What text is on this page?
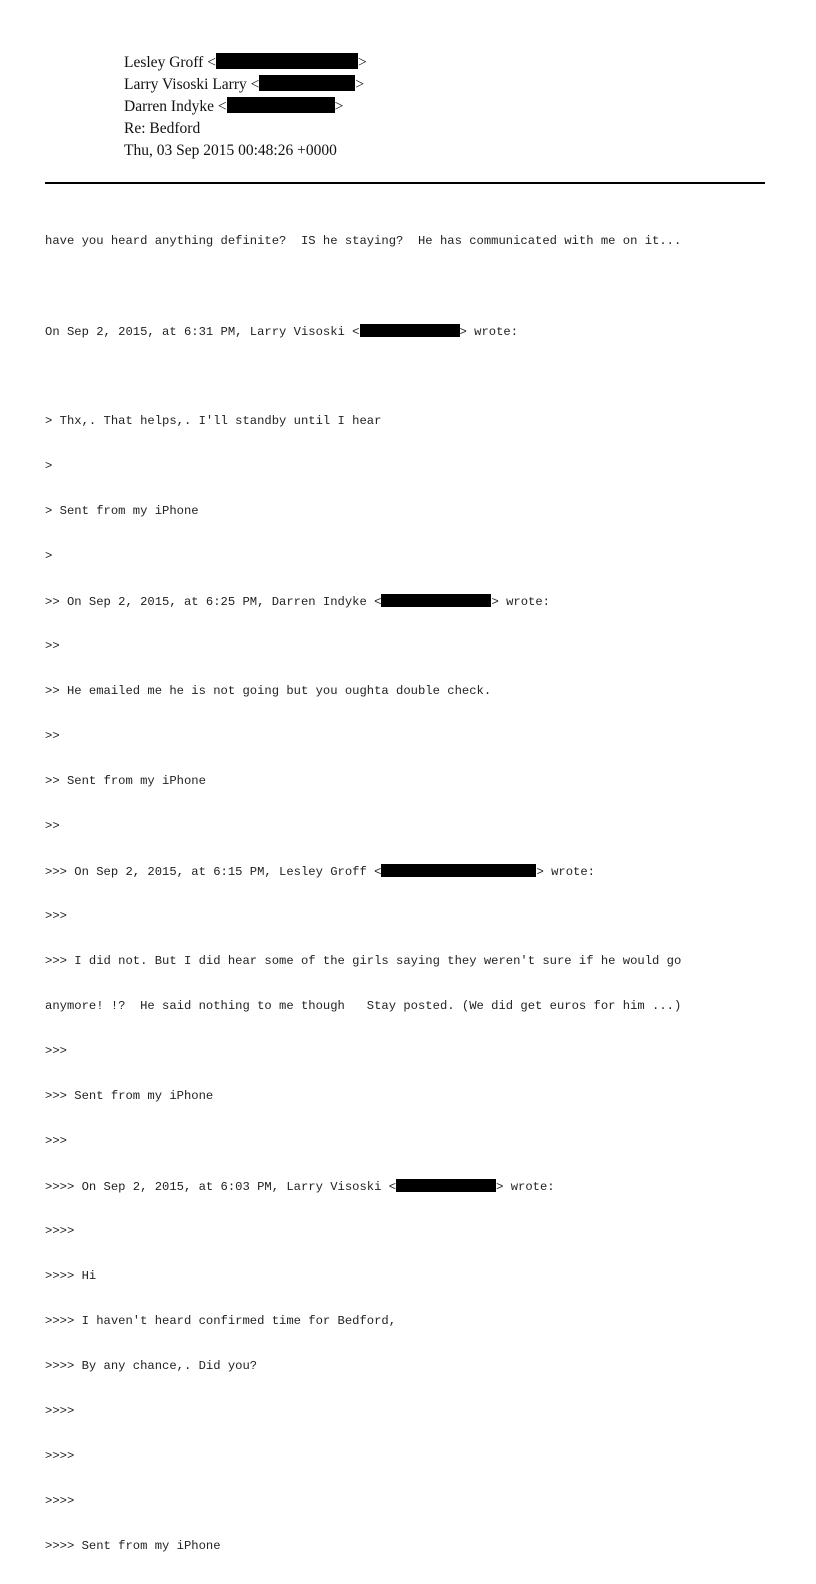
Lesley Groff <	>
Larry Visoski Larry <	>
Darren Indyke <	>
Re: Bedford
Thu, 03 Sep 2015 00:48:26 +0000

have you heard anything definite?  IS he staying?  He has communicated with me on it...

On Sep 2, 2015, at 6:31 PM, Larry Visoski <	> wrote:

> Thx,. That helps,. I'll standby until I hear

>

> Sent from my iPhone

>

>> On Sep 2, 2015, at 6:25 PM, Darren Indyke <	> wrote:

>>

>> He emailed me he is not going but you oughta double check.

>>

>> Sent from my iPhone

>>

>>> On Sep 2, 2015, at 6:15 PM, Lesley Groff <	> wrote:

>>>

>>> I did not. But I did hear some of the girls saying they weren't sure if he would go

anymore! !?  He said nothing to me though   Stay posted. (We did get euros for him ...)

>>>

>>> Sent from my iPhone

>>>

>>>> On Sep 2, 2015, at 6:03 PM, Larry Visoski <	> wrote:

>>>>

>>>> Hi

>>>> I haven't heard confirmed time for Bedford,

>>>> By any chance,. Did you?

>>>>

>>>>

>>>>

>>>> Sent from my iPhone
